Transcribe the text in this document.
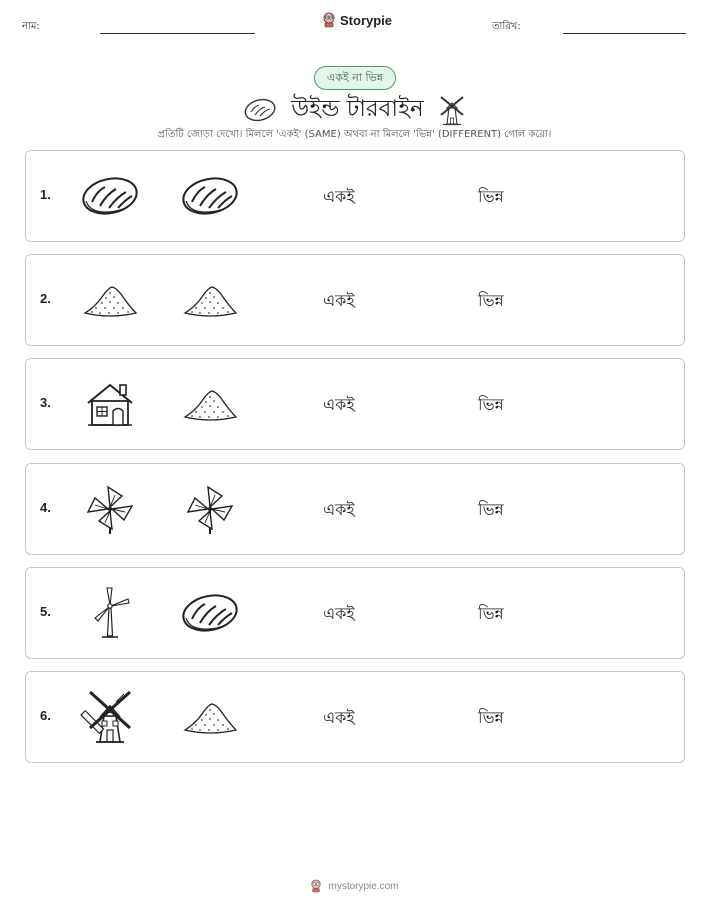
নাম:	Storypie	তারিখ:
একই না ভিন্ন
উইন্ড টারবাইন
প্রতিটি জোড়া দেখো। মিললে 'একই' (SAME) অথবা না মিললে 'ভিন্ন' (DIFFERENT) গোল করো।
1.	একই	ভিন্ন
2.	একই	ভিন্ন
3.	একই	ভিন্ন
4.	একই	ভিন্ন
5.	একই	ভিন্ন
6.	একই	ভিন্ন
mystorypie.com
